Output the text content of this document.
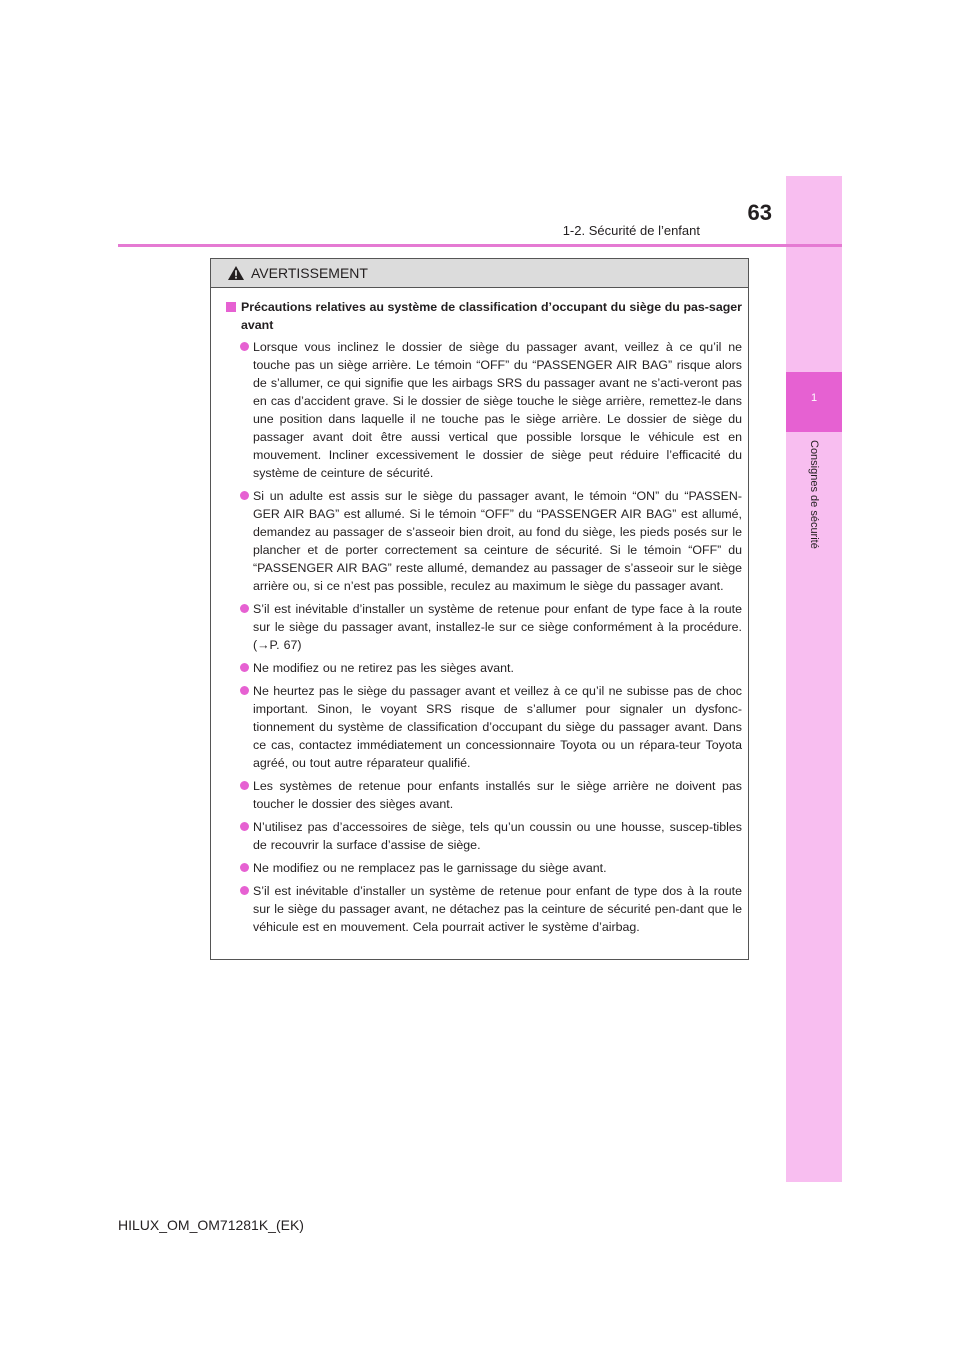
1
Consignes de sécurité
1-2. Sécurité de l’enfant
63
AVERTISSEMENT
Précautions relatives au système de classification d’occupant du siège du pas-sager avant
Lorsque vous inclinez le dossier de siège du passager avant, veillez à ce qu’il ne touche pas un siège arrière. Le témoin “OFF” du “PASSENGER AIR BAG” risque alors de s’allumer, ce qui signifie que les airbags SRS du passager avant ne s’acti-veront pas en cas d’accident grave. Si le dossier de siège touche le siège arrière, remettez-le dans une position dans laquelle il ne touche pas le siège arrière. Le dossier de siège du passager avant doit être aussi vertical que possible lorsque le véhicule est en mouvement. Incliner excessivement le dossier de siège peut réduire l’efficacité du système de ceinture de sécurité.
Si un adulte est assis sur le siège du passager avant, le témoin “ON” du “PASSEN-GER AIR BAG” est allumé. Si le témoin “OFF” du “PASSENGER AIR BAG” est allumé, demandez au passager de s’asseoir bien droit, au fond du siège, les pieds posés sur le plancher et de porter correctement sa ceinture de sécurité. Si le témoin “OFF” du “PASSENGER AIR BAG” reste allumé, demandez au passager de s’asseoir sur le siège arrière ou, si ce n’est pas possible, reculez au maximum le siège du passager avant.
S’il est inévitable d’installer un système de retenue pour enfant de type face à la route sur le siège du passager avant, installez-le sur ce siège conformément à la procédure. (→P. 67)
Ne modifiez ou ne retirez pas les sièges avant.
Ne heurtez pas le siège du passager avant et veillez à ce qu’il ne subisse pas de choc important. Sinon, le voyant SRS risque de s’allumer pour signaler un dysfonc-tionnement du système de classification d’occupant du siège du passager avant. Dans ce cas, contactez immédiatement un concessionnaire Toyota ou un répara-teur Toyota agréé, ou tout autre réparateur qualifié.
Les systèmes de retenue pour enfants installés sur le siège arrière ne doivent pas toucher le dossier des sièges avant.
N’utilisez pas d’accessoires de siège, tels qu’un coussin ou une housse, suscep-tibles de recouvrir la surface d’assise de siège.
Ne modifiez ou ne remplacez pas le garnissage du siège avant.
S’il est inévitable d’installer un système de retenue pour enfant de type dos à la route sur le siège du passager avant, ne détachez pas la ceinture de sécurité pen-dant que le véhicule est en mouvement. Cela pourrait activer le système d’airbag.
HILUX_OM_OM71281K_(EK)
